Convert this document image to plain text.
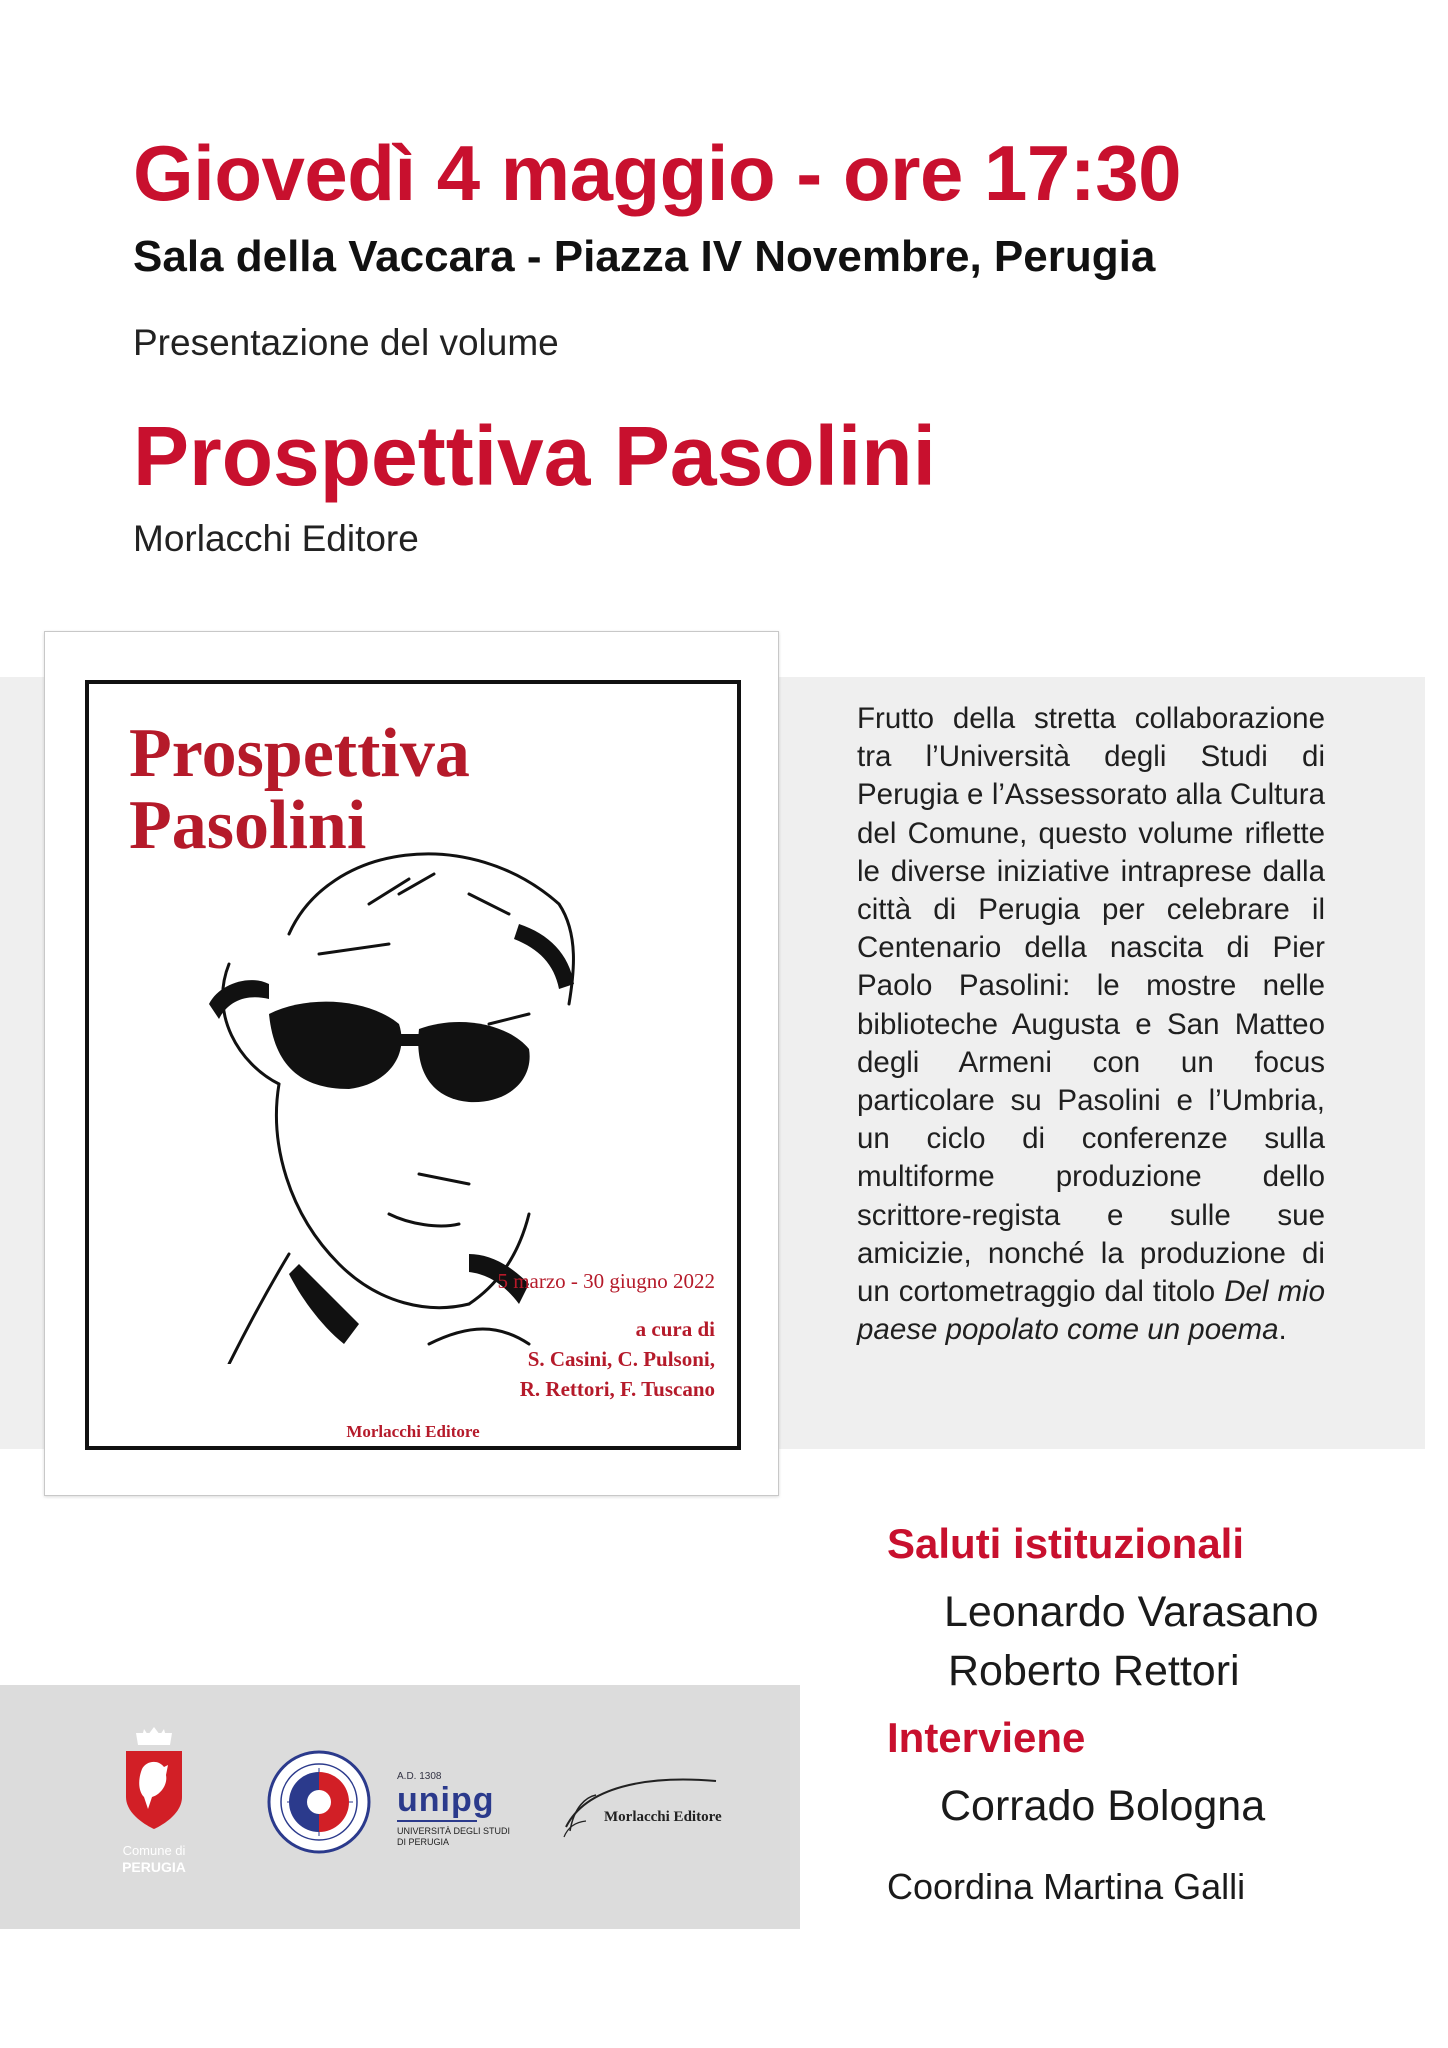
Giovedì 4 maggio - ore 17:30
Sala della Vaccara - Piazza IV Novembre, Perugia
Presentazione del volume
Prospettiva Pasolini
Morlacchi Editore
Prospettiva
Pasolini
5 marzo - 30 giugno 2022
a cura di
S. Casini, C. Pulsoni,
R. Rettori, F. Tuscano
Morlacchi Editore
Frutto della stretta collaborazione tra l’Università degli Studi di Perugia e l’Assessorato alla Cultura del Comune, questo volume riflette le diverse iniziative intraprese dalla città di Perugia per celebrare il Centenario della nascita di Pier Paolo Pasolini: le mostre nelle biblioteche Augusta e San Matteo degli Armeni con un focus particolare su Pasolini e l’Umbria, un ciclo di conferenze sulla multiforme produzione dello scrittore-regista e sulle sue amicizie, nonché la produzione di un cortometraggio dal titolo Del mio paese popolato come un poema.
Saluti istituzionali
Leonardo Varasano
Roberto Rettori
Interviene
Corrado Bologna
Coordina Martina Galli
Comune di
PERUGIA
A.D. 1308
unipg
UNIVERSITÀ DEGLI STUDI
DI PERUGIA
Morlacchi Editore
